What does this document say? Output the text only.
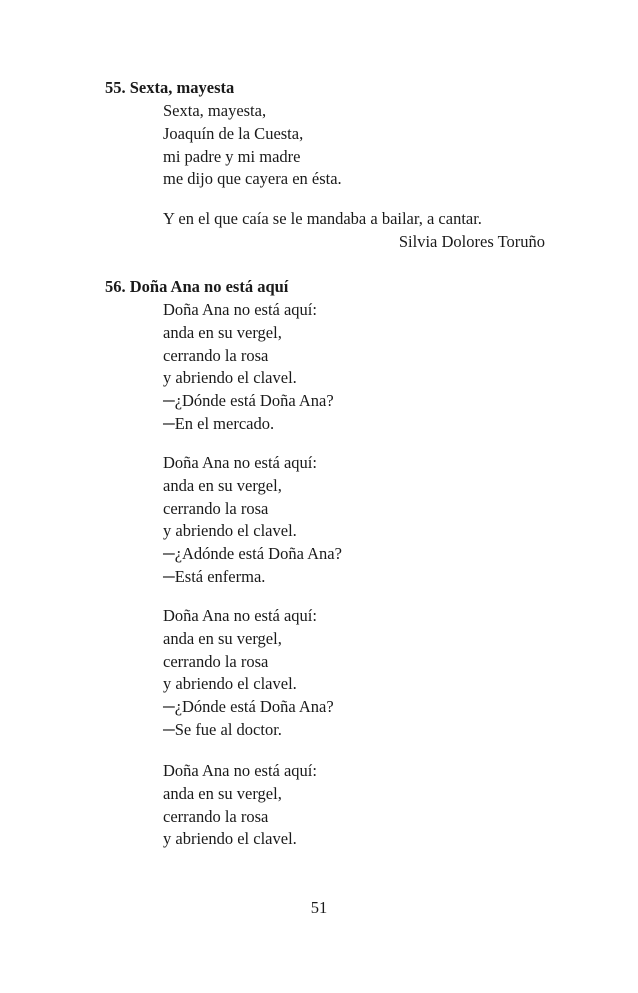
55. Sexta, mayesta
Sexta, mayesta,
Joaquín de la Cuesta,
mi padre y mi madre
me dijo que cayera en ésta.
Y en el que caía se le mandaba a bailar, a cantar.
Silvia Dolores Toruño
56. Doña Ana no está aquí
Doña Ana no está aquí:
anda en su vergel,
cerrando la rosa
y abriendo el clavel.
─¿Dónde está Doña Ana?
─En el mercado.
Doña Ana no está aquí:
anda en su vergel,
cerrando la rosa
y abriendo el clavel.
─¿Adónde está Doña Ana?
─Está enferma.
Doña Ana no está aquí:
anda en su vergel,
cerrando la rosa
y abriendo el clavel.
─¿Dónde está Doña Ana?
─Se fue al doctor.
Doña Ana no está aquí:
anda en su vergel,
cerrando la rosa
y abriendo el clavel.
51
